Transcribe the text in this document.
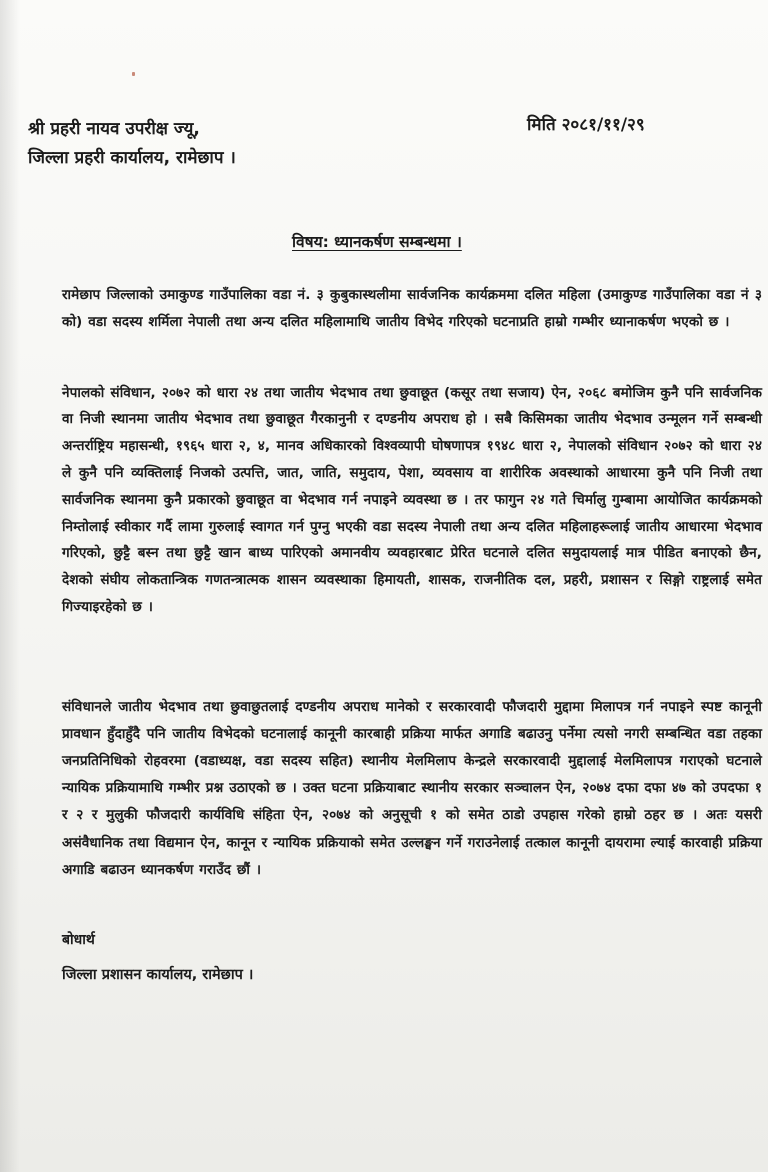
श्री प्रहरी नायव उपरीक्ष ज्यू,
जिल्ला प्रहरी कार्यालय, रामेछाप ।
मिति २०८१/११/२९
विषय: ध्यानकर्षण सम्बन्धमा ।

रामेछाप जिल्लाको उमाकुण्ड गाउँपालिका वडा नं. ३ कुबुकास्थलीमा सार्वजनिक कार्यक्रममा दलित महिला (उमाकुण्ड गाउँपालिका वडा नं ३ को) वडा सदस्य शर्मिला नेपाली तथा अन्य दलित महिलामाथि जातीय विभेद गरिएको घटनाप्रति हाम्रो गम्भीर ध्यानाकर्षण भएको छ ।

नेपालको संविधान, २०७२ को धारा २४ तथा जातीय भेदभाव तथा छुवाछूत (कसूर तथा सजाय) ऐन, २०६८ बमोजिम कुनै पनि सार्वजनिक वा निजी स्थानमा जातीय भेदभाव तथा छुवाछूत गैरकानुनी र दण्डनीय अपराध हो । सबै किसिमका जातीय भेदभाव उन्मूलन गर्ने सम्बन्धी अन्तर्राष्ट्रिय महासन्धी, १९६५ धारा २, ४, मानव अधिकारको विश्वव्यापी घोषणापत्र १९४८ धारा २, नेपालको संविधान २०७२ को धारा २४ ले कुनै पनि व्यक्तिलाई निजको उत्पत्ति, जात, जाति, समुदाय, पेशा, व्यवसाय वा शारीरिक अवस्थाको आधारमा कुनै पनि निजी तथा सार्वजनिक स्थानमा कुनै प्रकारको छुवाछूत वा भेदभाव गर्न नपाइने व्यवस्था छ । तर फागुन २४ गते चिर्मालु गुम्बामा आयोजित कार्यक्रमको निम्तोलाई स्वीकार गर्दै लामा गुरुलाई स्वागत गर्न पुग्नु भएकी वडा सदस्य नेपाली तथा अन्य दलित महिलाहरूलाई जातीय आधारमा भेदभाव गरिएको, छुट्टै बस्न तथा छुट्टै खान बाध्य पारिएको अमानवीय व्यवहारबाट प्रेरित घटनाले दलित समुदायलाई मात्र पीडित बनाएको छैन, देशको संघीय लोकतान्त्रिक गणतन्त्रात्मक शासन व्यवस्थाका हिमायती, शासक, राजनीतिक दल, प्रहरी, प्रशासन र सिङ्गो राष्ट्रलाई समेत गिज्याइरहेको छ ।

संविधानले जातीय भेदभाव तथा छुवाछुतलाई दण्डनीय अपराध मानेको र सरकारवादी फौजदारी मुद्दामा मिलापत्र गर्न नपाइने स्पष्ट कानूनी प्रावधान हुँदाहुँदै पनि जातीय विभेदको घटनालाई कानूनी कारबाही प्रक्रिया मार्फत अगाडि बढाउनु पर्नेमा त्यसो नगरी सम्बन्धित वडा तहका जनप्रतिनिधिको रोहवरमा (वडाध्यक्ष, वडा सदस्य सहित) स्थानीय मेलमिलाप केन्द्रले सरकारवादी मुद्दालाई मेलमिलापत्र गराएको घटनाले न्यायिक प्रक्रियामाथि गम्भीर प्रश्न उठाएको छ । उक्त घटना प्रक्रियाबाट स्थानीय सरकार सञ्चालन ऐन, २०७४ दफा दफा ४७ को उपदफा १ र २ र मुलुकी फौजदारी कार्यविधि संहिता ऐन, २०७४ को अनुसूची १ को समेत ठाडो उपहास गरेको हाम्रो ठहर छ । अतः यसरी असंवैधानिक तथा विद्यमान ऐन, कानून र न्यायिक प्रक्रियाको समेत उल्लङ्घन गर्ने गराउनेलाई तत्काल कानूनी दायरामा ल्याई कारवाही प्रक्रिया अगाडि बढाउन ध्यानकर्षण गराउँद छौं ।

बोधार्थ
जिल्ला प्रशासन कार्यालय, रामेछाप ।
